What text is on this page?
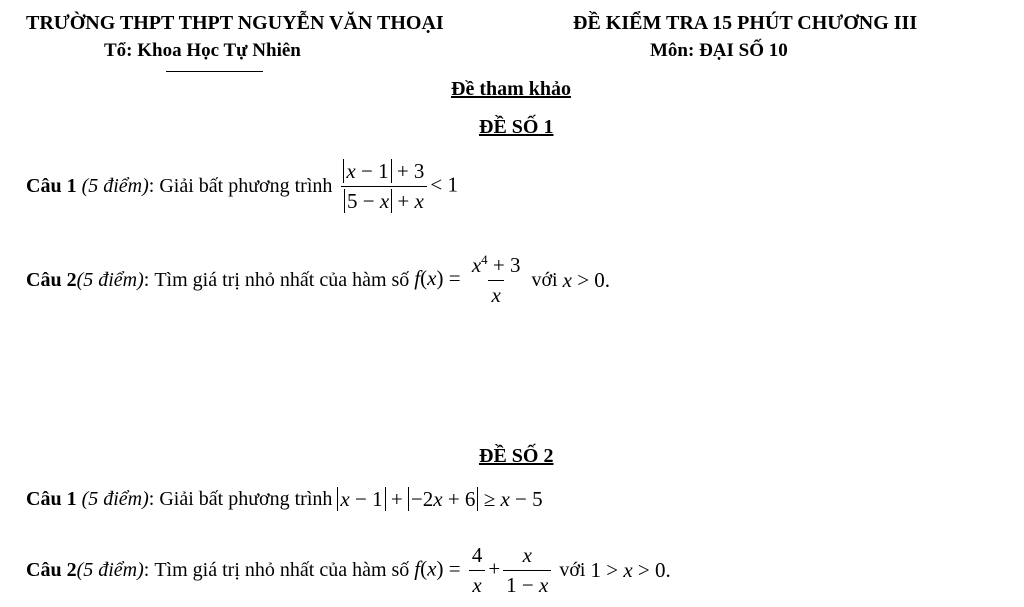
TRƯỜNG THPT THPT NGUYỄN VĂN THOẠI	ĐỀ KIỂM TRA 15 PHÚT CHƯƠNG III
Tổ: Khoa Học Tự Nhiên	Môn: ĐẠI SỐ 10
Đề tham khảo
ĐỀ SỐ 1
Câu 1
(5 điểm) : Giải bất phương trình
$\frac{x - 1 + 3}{5 - x + x} < 1$
Câu 2 (5 điểm) : Tìm giá trị nhỏ nhất của hàm số
$f(x) = \frac{x^4 + 3}{x}$
với
x > 0.
ĐỀ SỐ 2
Câu 1
(5 điểm) : Giải bất phương trình
x − 1 + −2x + 6 ≥ x − 5
Câu 2 (5 điểm) : Tìm giá trị nhỏ nhất của hàm số
$f(x) = \frac{4}{x} + \frac{x}{1 - x}$
với
1 > x > 0.
